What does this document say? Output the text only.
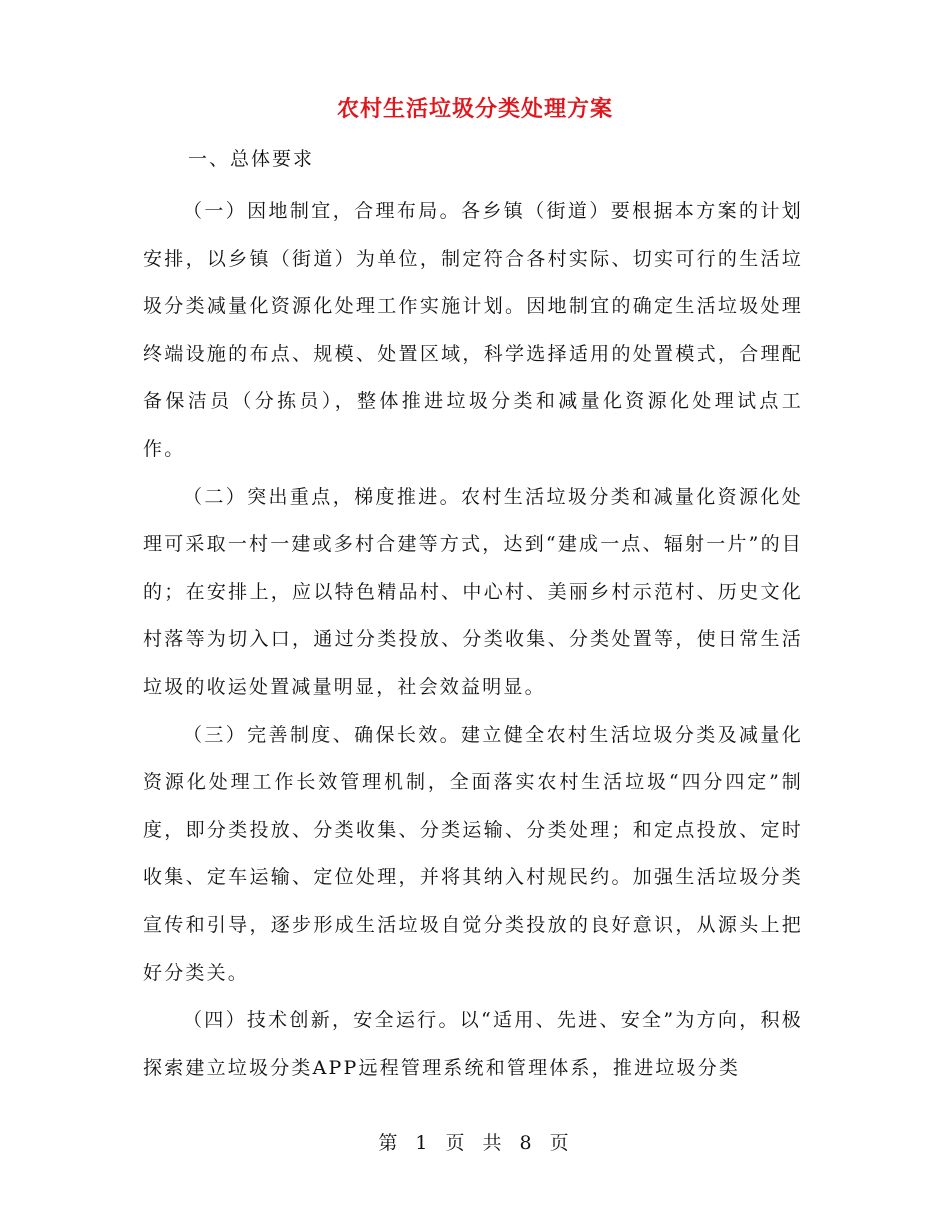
农村生活垃圾分类处理方案
一、总体要求

（一）因地制宜，合理布局。各乡镇（街道）要根据本方案的计划安排，以乡镇（街道）为单位，制定符合各村实际、切实可行的生活垃圾分类减量化资源化处理工作实施计划。因地制宜的确定生活垃圾处理终端设施的布点、规模、处置区域，科学选择适用的处置模式，合理配备保洁员（分拣员），整体推进垃圾分类和减量化资源化处理试点工作。

（二）突出重点，梯度推进。农村生活垃圾分类和减量化资源化处理可采取一村一建或多村合建等方式，达到“建成一点、辐射一片”的目的；在安排上，应以特色精品村、中心村、美丽乡村示范村、历史文化村落等为切入口，通过分类投放、分类收集、分类处置等，使日常生活垃圾的收运处置减量明显，社会效益明显。

（三）完善制度、确保长效。建立健全农村生活垃圾分类及减量化资源化处理工作长效管理机制，全面落实农村生活垃圾“四分四定”制度，即分类投放、分类收集、分类运输、分类处理；和定点投放、定时收集、定车运输、定位处理，并将其纳入村规民约。加强生活垃圾分类宣传和引导，逐步形成生活垃圾自觉分类投放的良好意识，从源头上把好分类关。

（四）技术创新，安全运行。以“适用、先进、安全”为方向，积极探索建立垃圾分类APP远程管理系统和管理体系，推进垃圾分类

第 1 页 共 8 页
